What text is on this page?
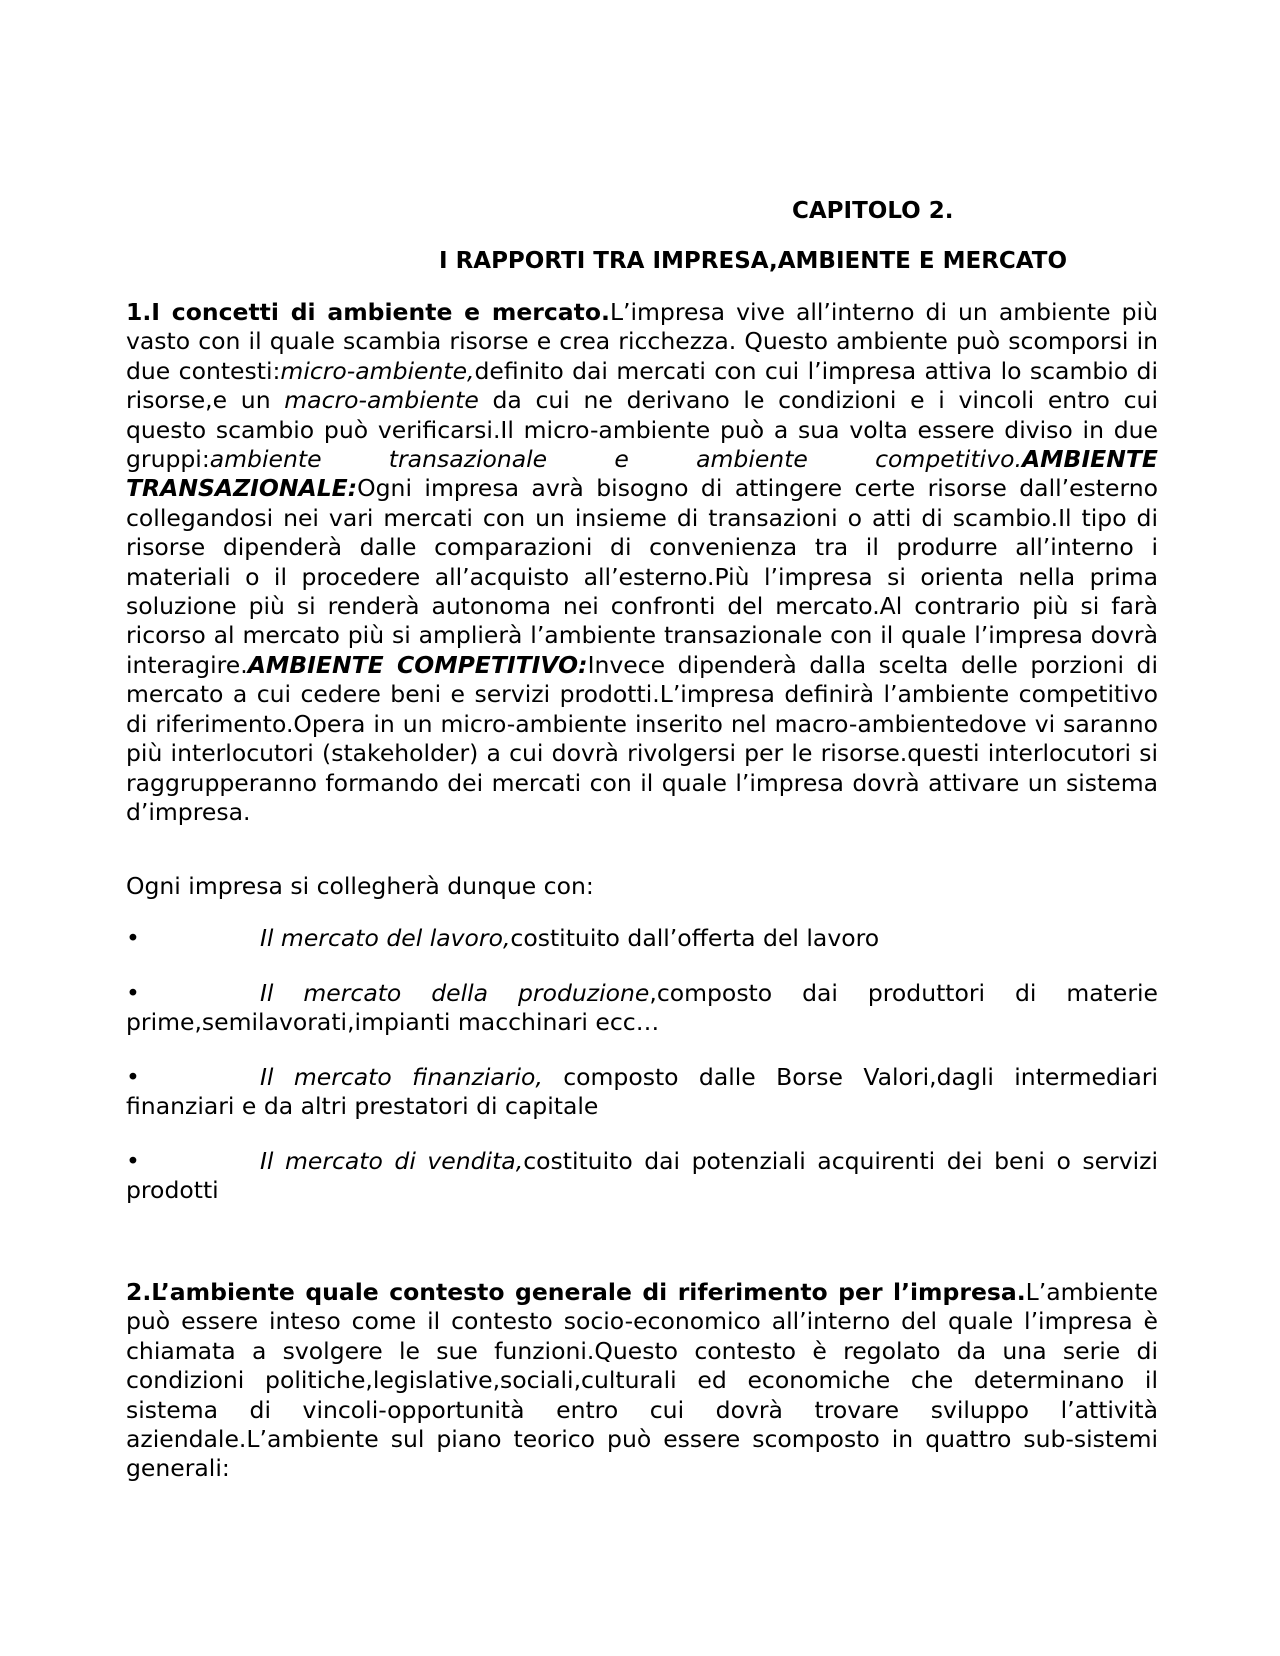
CAPITOLO 2.
I RAPPORTI TRA IMPRESA,AMBIENTE E MERCATO

1.I concetti di ambiente e mercato.L’impresa vive all’interno di un ambiente più vasto con il quale scambia risorse e crea ricchezza. Questo ambiente può scomporsi in due contesti:micro-ambiente,definito dai mercati con cui l’impresa attiva lo scambio di risorse,e un macro-ambiente da cui ne derivano le condizioni e i vincoli entro cui questo scambio può verificarsi.Il micro-ambiente può a sua volta essere diviso in due gruppi:ambiente transazionale e ambiente competitivo.AMBIENTE TRANSAZIONALE:Ogni impresa avrà bisogno di attingere certe risorse dall’esterno collegandosi nei vari mercati con un insieme di transazioni o atti di scambio.Il tipo di risorse dipenderà dalle comparazioni di convenienza tra il produrre all’interno i materiali o il procedere all’acquisto all’esterno.Più l’impresa si orienta nella prima soluzione più si renderà autonoma nei confronti del mercato.Al contrario più si farà ricorso al mercato più si amplierà l’ambiente transazionale con il quale l’impresa dovrà interagire.AMBIENTE COMPETITIVO:Invece dipenderà dalla scelta delle porzioni di mercato a cui cedere beni e servizi prodotti.L’impresa definirà l’ambiente competitivo di riferimento.Opera in un micro-ambiente inserito nel macro-ambientedove vi saranno più interlocutori (stakeholder) a cui dovrà rivolgersi per le risorse.questi interlocutori si raggrupperanno formando dei mercati con il quale l’impresa dovrà attivare un sistema d’impresa.

Ogni impresa si collegherà dunque con:

•	Il mercato del lavoro,costituito dall’offerta del lavoro

•	Il mercato della produzione,composto dai produttori di materie prime,semilavorati,impianti macchinari ecc…

•	Il mercato finanziario, composto dalle Borse Valori,dagli intermediari finanziari e da altri prestatori di capitale

•	Il mercato di vendita,costituito dai potenziali acquirenti dei beni o servizi prodotti

2.L’ambiente quale contesto generale di riferimento per l’impresa.L’ambiente può essere inteso come il contesto socio-economico all’interno del quale l’impresa è chiamata a svolgere le sue funzioni.Questo contesto è regolato da una serie di condizioni politiche,legislative,sociali,culturali ed economiche che determinano il sistema di vincoli-opportunità entro cui dovrà trovare sviluppo l’attività aziendale.L’ambiente sul piano teorico può essere scomposto in quattro sub-sistemi generali:
